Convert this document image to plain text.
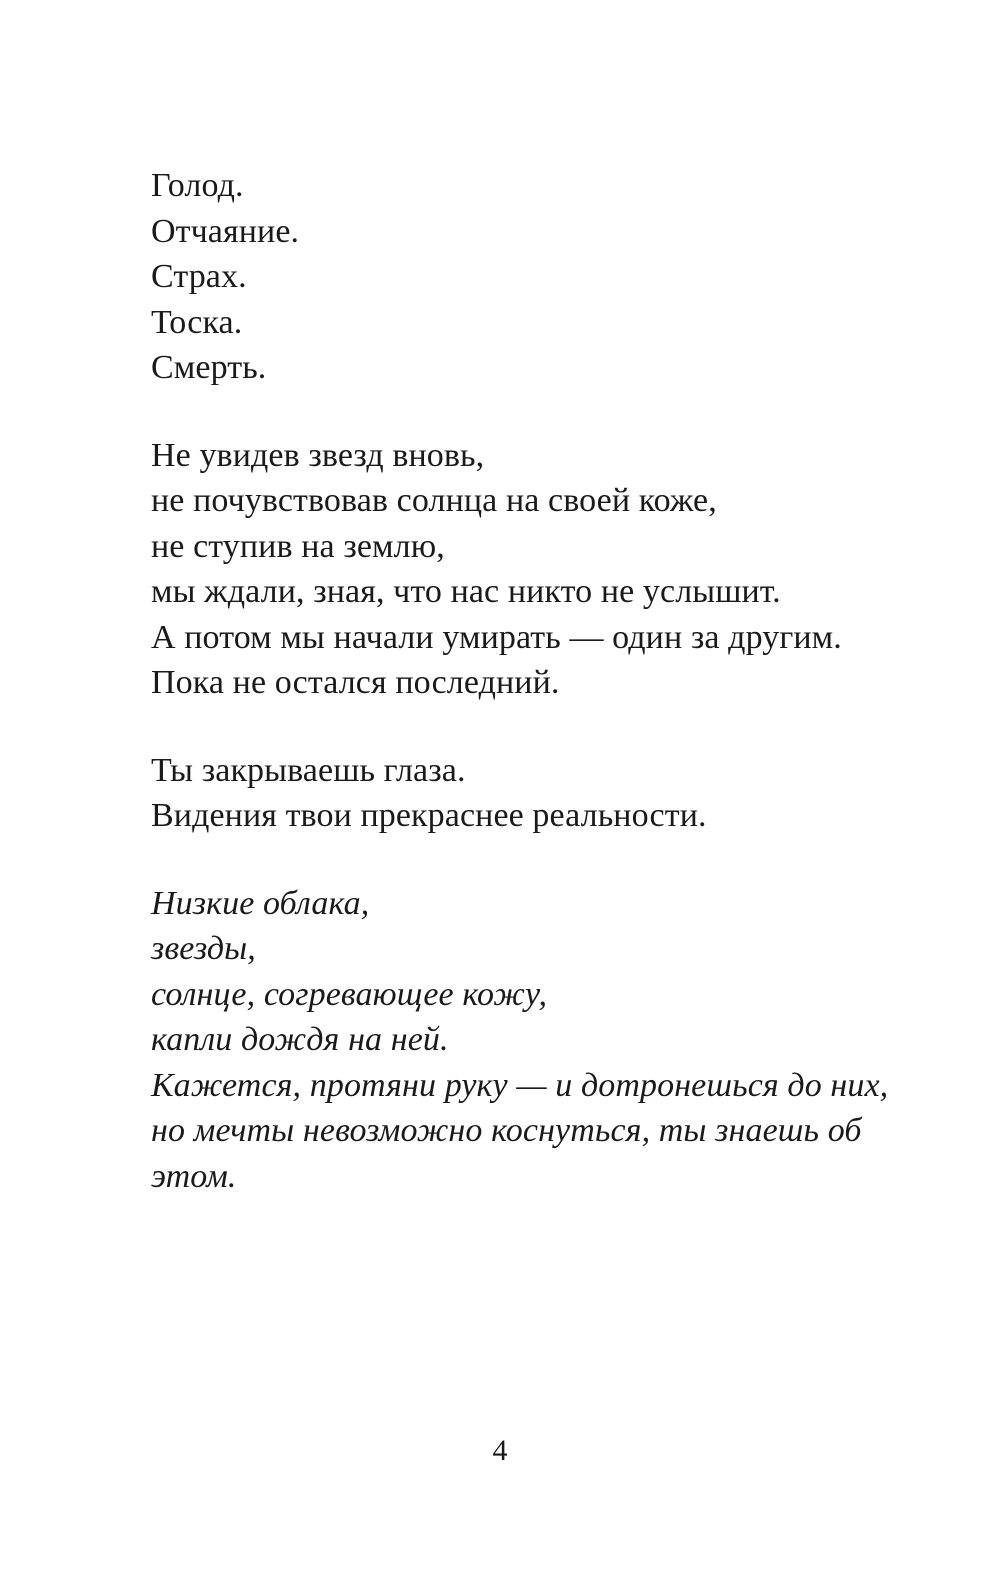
Голод.
Отчаяние.
Страх.
Тоска.
Смерть.
Не увидев звезд вновь,
не почувствовав солнца на своей коже,
не ступив на землю,
мы ждали, зная, что нас никто не услышит.
А потом мы начали умирать — один за другим.
Пока не остался последний.
Ты закрываешь глаза.
Видения твои прекраснее реальности.
Низкие облака,
звезды,
солнце, согревающее кожу,
капли дождя на ней.
Кажется, протяни руку — и дотронешься до них,
но мечты невозможно коснуться, ты знаешь об
этом.
4
